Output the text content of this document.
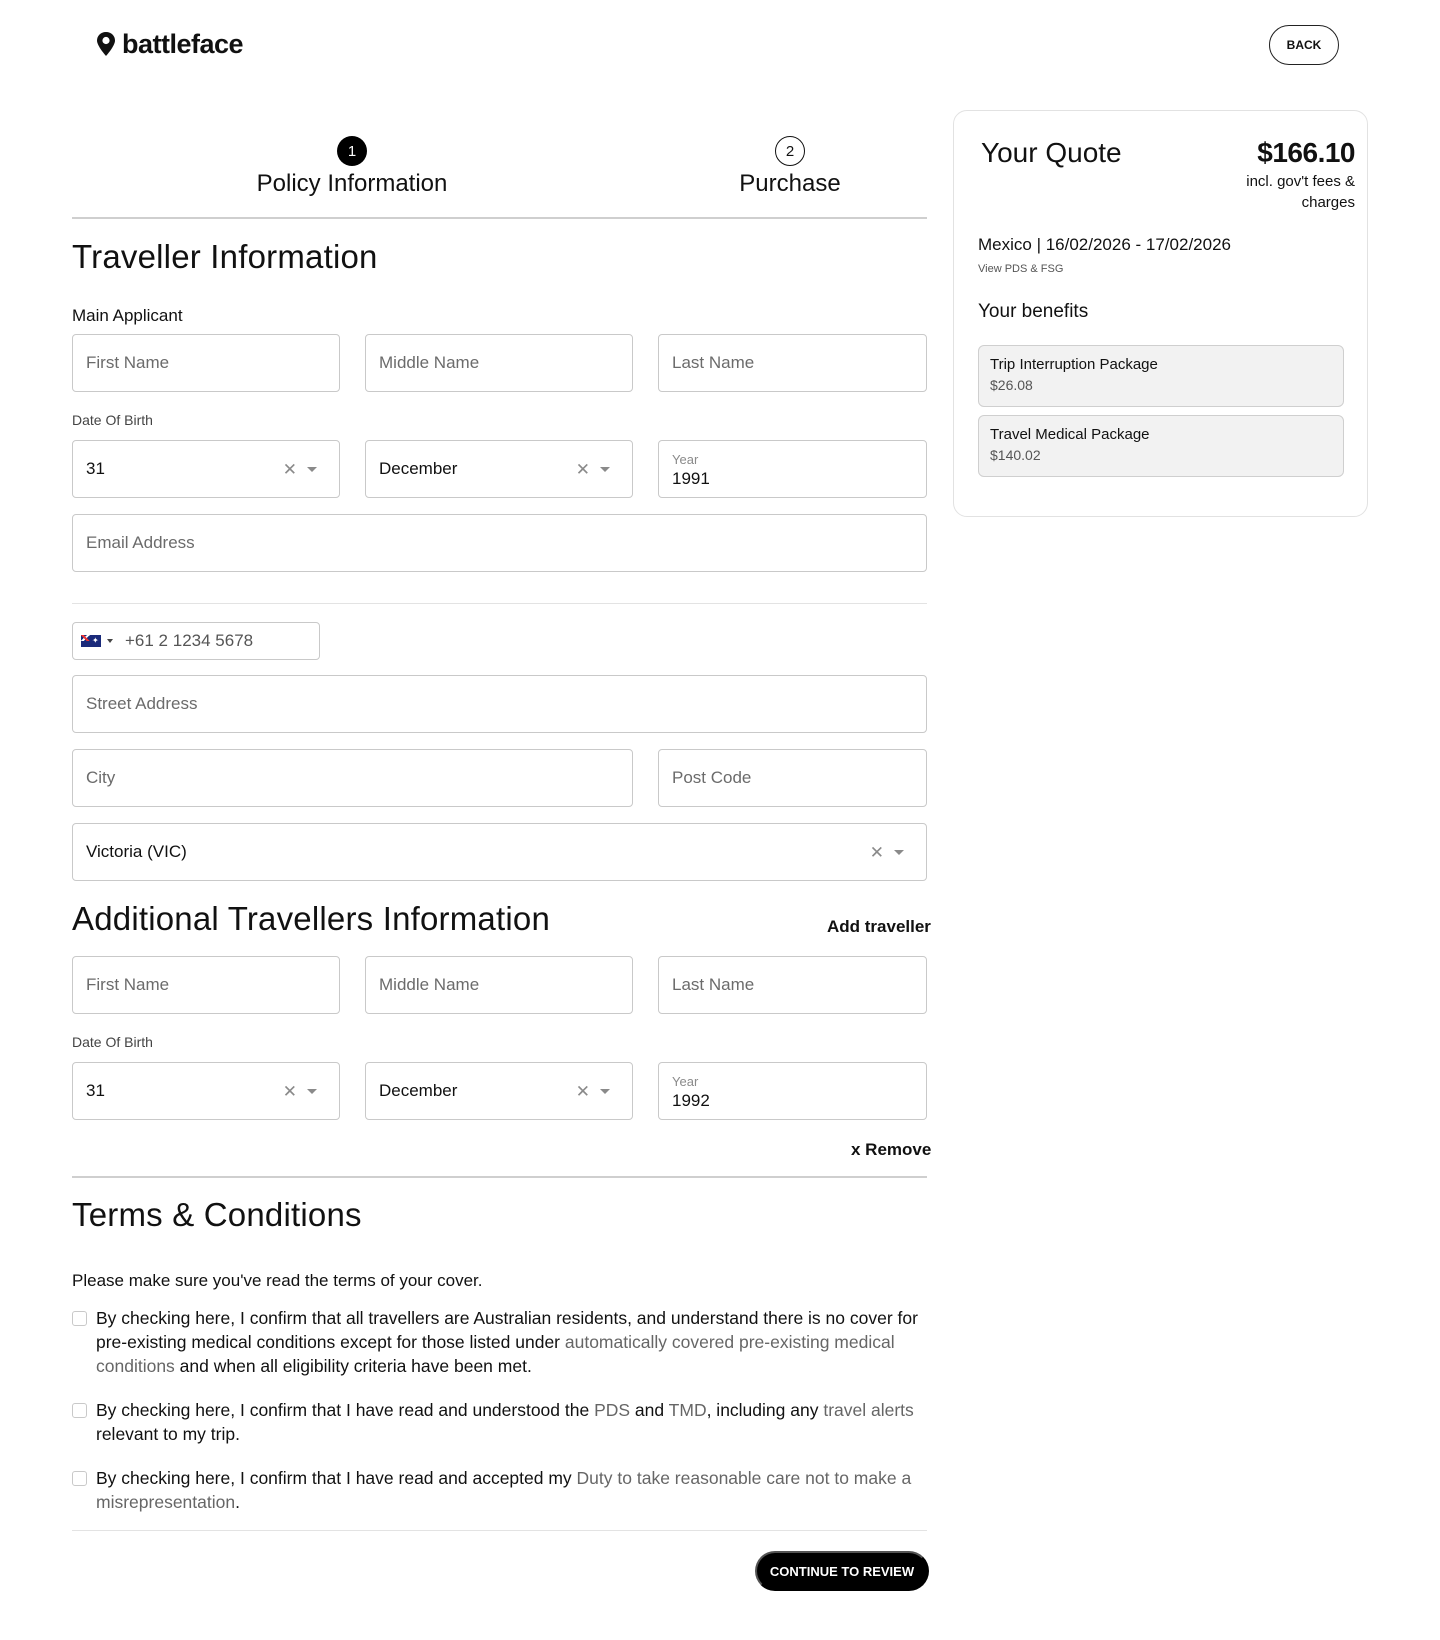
battleface	BACK
1
Policy Information
2
Purchase
Traveller Information
Main Applicant
First Name	Middle Name	Last Name
Date Of Birth
31	✕	December	✕
Year
1991
Email Address
✦
+61 2 1234 5678
Street Address
City	Post Code
Victoria (VIC)	✕
Additional Travellers Information	Add traveller
First Name	Middle Name	Last Name
Date Of Birth
31	✕	December	✕
Year
1992
x Remove
Terms & Conditions
Please make sure you've read the terms of your cover.
By checking here, I confirm that all travellers are Australian residents, and understand there is no cover for pre-existing medical conditions except for those listed under automatically covered pre-existing medical conditions and when all eligibility criteria have been met.
By checking here, I confirm that I have read and understood the PDS and TMD, including any travel alerts relevant to my trip.
By checking here, I confirm that I have read and accepted my Duty to take reasonable care not to make a misrepresentation.
CONTINUE TO REVIEW
Your Quote	$166.10
incl. gov't fees & charges
Mexico | 16/02/2026 - 17/02/2026
View PDS & FSG
Your benefits
Trip Interruption Package
$26.08
Travel Medical Package
$140.02
